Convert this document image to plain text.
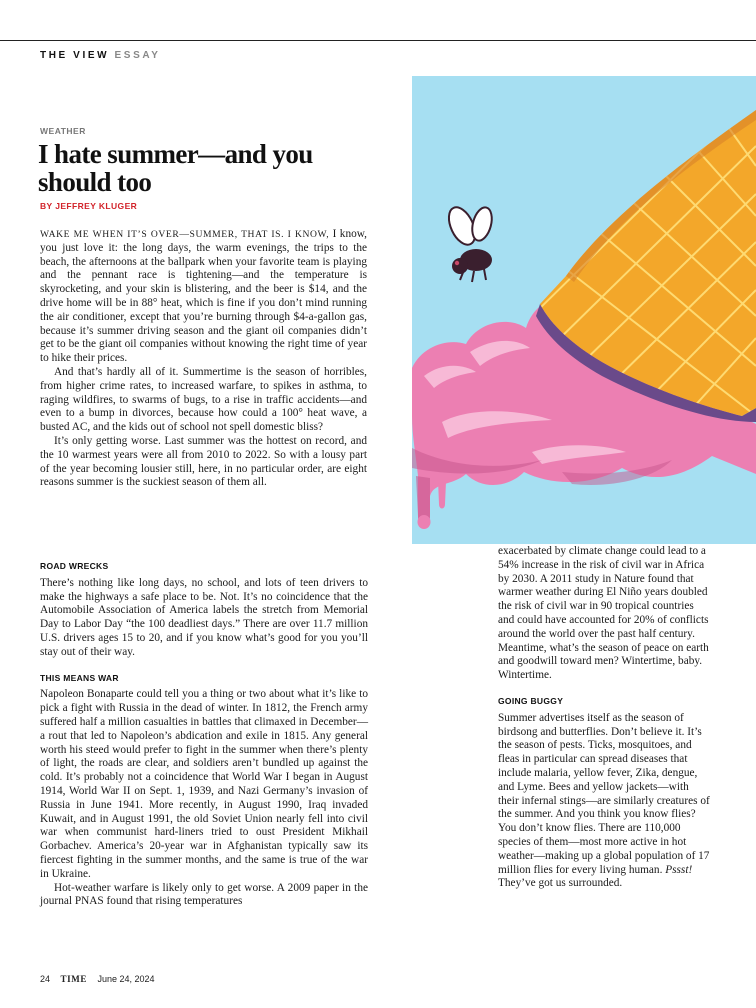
THE VIEW ESSAY
WEATHER
I hate summer—and you should too
BY JEFFREY KLUGER

WAKE ME WHEN IT’S OVER—SUMMER, THAT IS. I KNOW, I know, you just love it: the long days, the warm evenings, the trips to the beach, the afternoons at the ballpark when your favorite team is playing and the pennant race is tightening—and the temperature is skyrocketing, and your skin is blistering, and the beer is $14, and the drive home will be in 88° heat, which is fine if you don’t mind running the air conditioner, except that you’re burning through $4-a-gallon gas, because it’s summer driving season and the giant oil companies didn’t get to be the giant oil companies without knowing the right time of year to hike their prices.

And that’s hardly all of it. Summertime is the season of horribles, from higher crime rates, to increased warfare, to spikes in asthma, to raging wildfires, to swarms of bugs, to a rise in traffic accidents—and even to a bump in divorces, because how could a 100° heat wave, a busted AC, and the kids out of school not spell domestic bliss?

It’s only getting worse. Last summer was the hottest on record, and the 10 warmest years were all from 2010 to 2022. So with a lousy part of the year becoming lousier still, here, in no particular order, are eight reasons summer is the suckiest season of them all.

ROAD WRECKS

There’s nothing like long days, no school, and lots of teen drivers to make the highways a safe place to be. Not. It’s no coincidence that the Automobile Association of America labels the stretch from Memorial Day to Labor Day “the 100 deadliest days.” There are over 11.7 million U.S. drivers ages 15 to 20, and if you know what’s good for you you’ll stay out of their way.

THIS MEANS WAR

Napoleon Bonaparte could tell you a thing or two about what it’s like to pick a fight with Russia in the dead of winter. In 1812, the French army suffered half a million casualties in battles that climaxed in December—a rout that led to Napoleon’s abdication and exile in 1815. Any general worth his steed would prefer to fight in the summer when there’s plenty of light, the roads are clear, and soldiers aren’t bundled up against the cold. It’s probably not a coincidence that World War I began in August 1914, World War II on Sept. 1, 1939, and Nazi Germany’s invasion of Russia in June 1941. More recently, in August 1990, Iraq invaded Kuwait, and in August 1991, the old Soviet Union nearly fell into civil war when communist hard-liners tried to oust President Mikhail Gorbachev. America’s 20-year war in Afghanistan typically saw its fiercest fighting in the summer months, and the same is true of the war in Ukraine.

Hot-weather warfare is likely only to get worse. A 2009 paper in the journal PNAS found that rising temperatures

exacerbated by climate change could lead to a 54% increase in the risk of civil war in Africa by 2030. A 2011 study in Nature found that warmer weather during El Niño years doubled the risk of civil war in 90 tropical countries and could have accounted for 20% of conflicts around the world over the past half century. Meantime, what’s the season of peace on earth and goodwill toward men? Wintertime, baby. Wintertime.

GOING BUGGY

Summer advertises itself as the season of birdsong and butterflies. Don’t believe it. It’s the season of pests. Ticks, mosquitoes, and fleas in particular can spread diseases that include malaria, yellow fever, Zika, dengue, and Lyme. Bees and yellow jackets—with their infernal stings—are similarly creatures of the summer. And you think you know flies? You don’t know flies. There are 110,000 species of them—most more active in hot weather—making up a global population of 17 million flies for every living human. Pssst! They’ve got us surrounded.

24 TIME June 24, 2024
